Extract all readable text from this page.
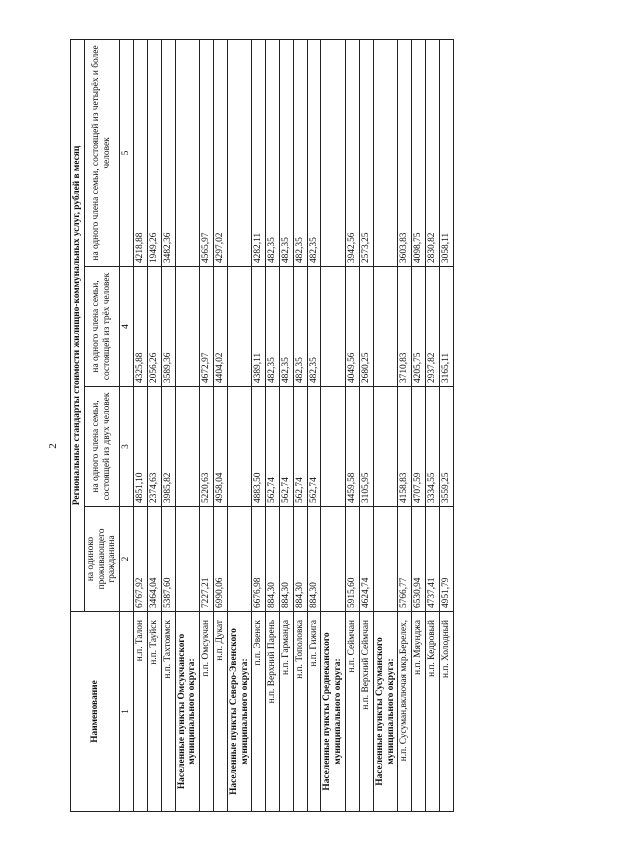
2
Наименование	Региональные стандарты стоимости жилищно-коммунальных услуг, рублей в месяц			
	на одиноко проживающего гражданина	на одного члена семьи, состоящей из двух человек	на одного члена семьи, состоящей из трёх человек	на одного члена семьи, состоящей из четырёх и более человек
1	2	3	4	5
н.п. Талон	6767,92	4851,10	4325,88	4218,88
н.п. Тауйск	3464,04	2374,63	2056,26	1949,26
н.п. Тахтоямск	5387,60	3985,82	3589,36	3482,36
Населенные пункты Омсукчанского муниципального округа:				
п.п. Омсукчан	7227,21	5220,63	4672,97	4565,97
н.п. Дукат	6990,06	4958,04	4404,02	4297,02
Населенные пункты Северо-Эвенского муниципального округа:				
п.п. Эвенск	6676,98	4883,50	4389,11	4282,11
н.п. Верхний Парень	884,30	562,74	482,35	482,35
н.п. Гарманда	884,30	562,74	482,35	482,35
н.п. Тополовка	884,30	562,74	482,35	482,35
н.п. Гижига	884,30	562,74	482,35	482,35
Населенные пункты Среднеканского муниципального округа:				
н.п. Сеймчан	5915,60	4459,58	4049,56	3942,56
н.п. Верхний Сеймчан	4624,74	3105,95	2680,25	2573,25
Населенные пункты Сусуманского муниципального округа:				
н.п. Сусуман,включая мкр.Берелех,	5766,77	4158,83	3710,83	3603,83
н.п. Мяунджа	6530,94	4707,59	4205,75	4098,75
н.п. Кедровый	4737,41	3334,55	2937,82	2830,82
н.п. Холодный	4951,79	3559,25	3165,11	3058,11
